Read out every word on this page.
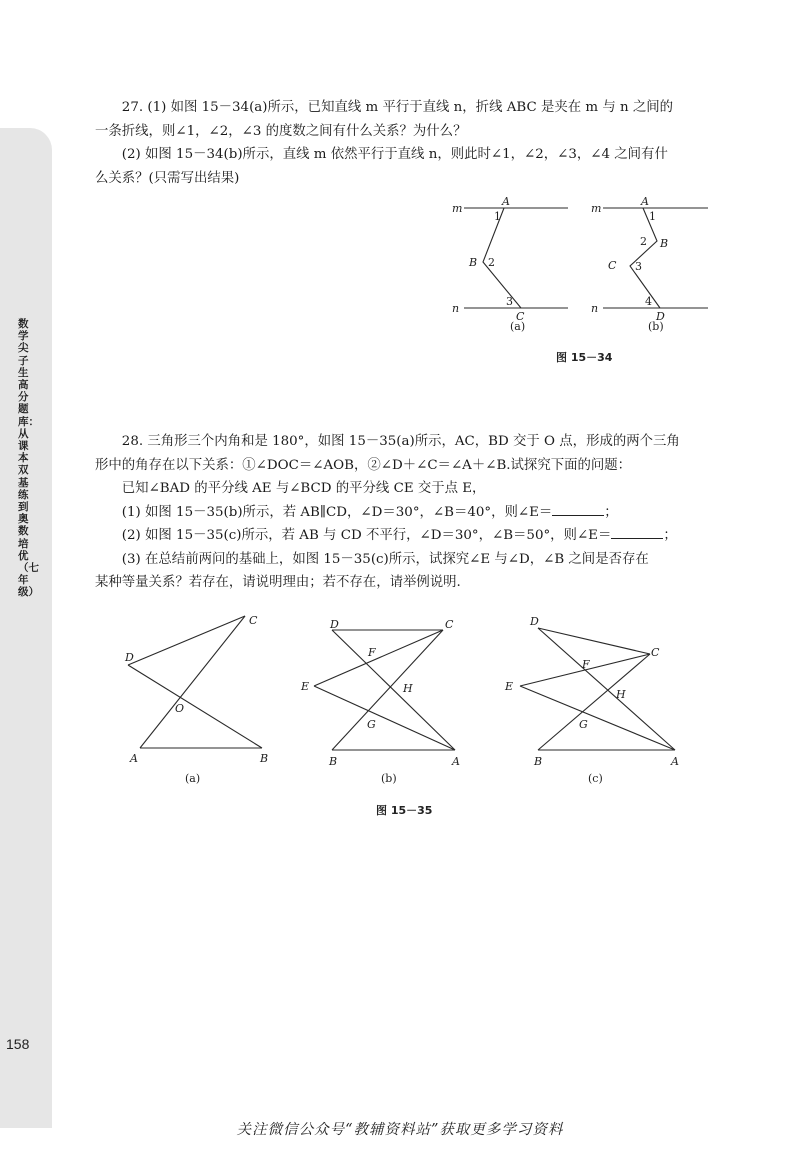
数学尖子生高分题库：从课本双基练到奥数培优（七年级）
158

27. (1) 如图 15－34(a)所示，已知直线 m 平行于直线 n，折线 ABC 是夹在 m 与 n 之间的

一条折线，则∠1，∠2，∠3 的度数之间有什么关系？为什么？

(2) 如图 15－34(b)所示，直线 m 依然平行于直线 n，则此时∠1，∠2，∠3，∠4 之间有什

么关系？(只需写出结果)

m
n
A
B
C
1
2
3
(a)
m
n
A
B
C
D
1
2
3
4
(b)
图 15－34

28. 三角形三个内角和是 180°，如图 15－35(a)所示，AC，BD 交于 O 点，形成的两个三角

形中的角存在以下关系：①∠DOC＝∠AOB，②∠D＋∠C＝∠A＋∠B.试探究下面的问题：

已知∠BAD 的平分线 AE 与∠BCD 的平分线 CE 交于点 E，

(1) 如图 15－35(b)所示，若 AB∥CD，∠D＝30°，∠B＝40°，则∠E＝	；

(2) 如图 15－35(c)所示，若 AB 与 CD 不平行，∠D＝30°，∠B＝50°，则∠E＝	；

(3) 在总结前两问的基础上，如图 15－35(c)所示，试探究∠E 与∠D，∠B 之间是否存在

某种等量关系？若存在，请说明理由；若不存在，请举例说明.

A	B
C
D
O
(a)
D	C
B	A
E
F
G
H
(b)
D
C
B	A
E
F
G
H
(c)
图 15－35
关注微信公众号“教辅资料站”获取更多学习资料
